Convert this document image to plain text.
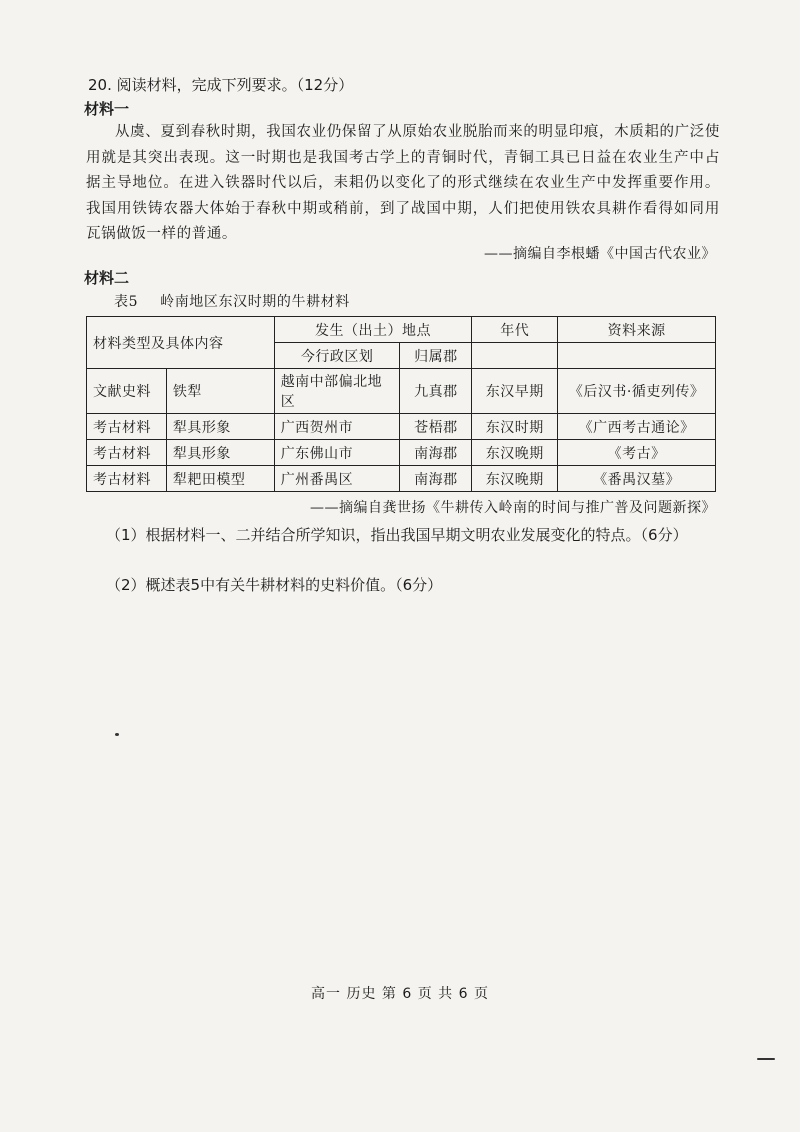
20. 阅读材料，完成下列要求。（12分）
材料一
从虞、夏到春秋时期，我国农业仍保留了从原始农业脱胎而来的明显印痕，木质耜的广泛使用就是其突出表现。这一时期也是我国考古学上的青铜时代，青铜工具已日益在农业生产中占据主导地位。在进入铁器时代以后，耒耜仍以变化了的形式继续在农业生产中发挥重要作用。我国用铁铸农器大体始于春秋中期或稍前，到了战国中期，人们把使用铁农具耕作看得如同用瓦锅做饭一样的普通。
——摘编自李根蟠《中国古代农业》
材料二
表5 岭南地区东汉时期的牛耕材料
材料类型及具体内容		发生（出土）地点		年代	资料来源
		今行政区划	归属郡		
文献史料	铁犁	越南中部偏北地区	九真郡	东汉早期	《后汉书·循吏列传》
考古材料	犁具形象	广西贺州市	苍梧郡	东汉时期	《广西考古通论》
考古材料	犁具形象	广东佛山市	南海郡	东汉晚期	《考古》
考古材料	犁耙田模型	广州番禺区	南海郡	东汉晚期	《番禺汉墓》
——摘编自龚世扬《牛耕传入岭南的时间与推广普及问题新探》
（1）根据材料一、二并结合所学知识，指出我国早期文明农业发展变化的特点。（6分）
（2）概述表5中有关牛耕材料的史料价值。（6分）
高一 历史 第 6 页 共 6 页
